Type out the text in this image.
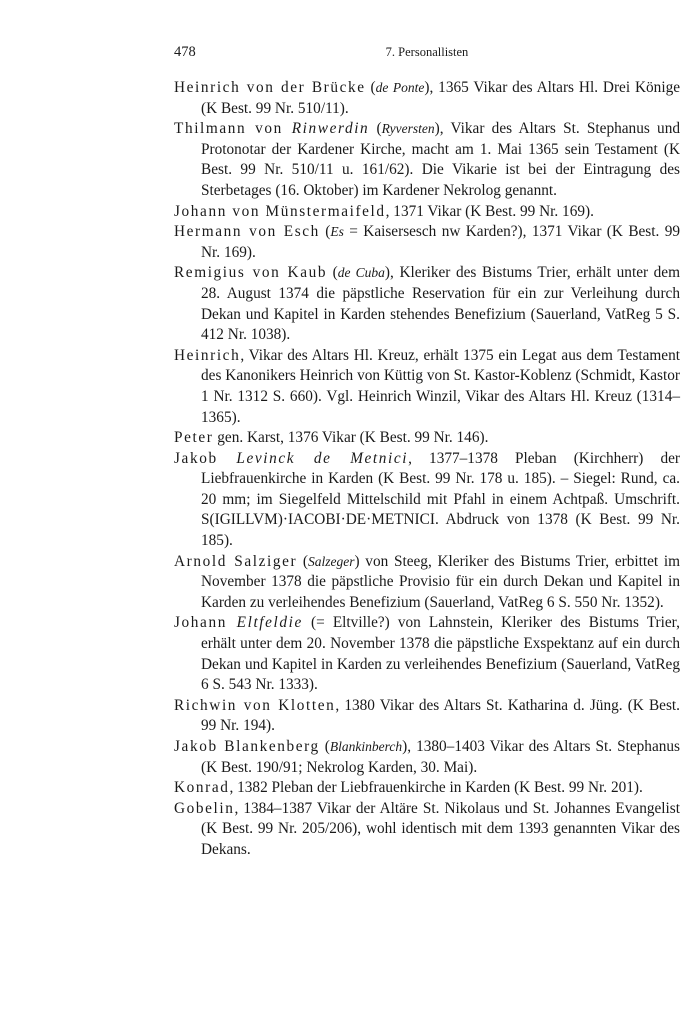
478	7. Personallisten

Heinrich von der Brücke (de Ponte), 1365 Vikar des Altars Hl. Drei Könige (K Best. 99 Nr. 510/11).

Thilmann von Rinwerdin (Ryversten), Vikar des Altars St. Stephanus und Protonotar der Kardener Kirche, macht am 1. Mai 1365 sein Testament (K Best. 99 Nr. 510/11 u. 161/62). Die Vikarie ist bei der Eintragung des Sterbetages (16. Oktober) im Kardener Nekrolog genannt.

Johann von Münstermaifeld, 1371 Vikar (K Best. 99 Nr. 169).

Hermann von Esch (Es = Kaisersesch nw Karden?), 1371 Vikar (K Best. 99 Nr. 169).

Remigius von Kaub (de Cuba), Kleriker des Bistums Trier, erhält unter dem 28. August 1374 die päpstliche Reservation für ein zur Verleihung durch Dekan und Kapitel in Karden stehendes Benefizium (Sauerland, VatReg 5 S. 412 Nr. 1038).

Heinrich, Vikar des Altars Hl. Kreuz, erhält 1375 ein Legat aus dem Testament des Kanonikers Heinrich von Küttig von St. Kastor-Koblenz (Schmidt, Kastor 1 Nr. 1312 S. 660). Vgl. Heinrich Winzil, Vikar des Altars Hl. Kreuz (1314–1365).

Peter gen. Karst, 1376 Vikar (K Best. 99 Nr. 146).

Jakob Levinck de Metnici, 1377–1378 Pleban (Kirchherr) der Liebfrauenkirche in Karden (K Best. 99 Nr. 178 u. 185). – Siegel: Rund, ca. 20 mm; im Siegelfeld Mittelschild mit Pfahl in einem Achtpaß. Umschrift. S(IGILLVM)·IACOBI·DE·METNICI. Abdruck von 1378 (K Best. 99 Nr. 185).

Arnold Salziger (Salzeger) von Steeg, Kleriker des Bistums Trier, erbittet im November 1378 die päpstliche Provisio für ein durch Dekan und Kapitel in Karden zu verleihendes Benefizium (Sauerland, VatReg 6 S. 550 Nr. 1352).

Johann Eltfeldie (= Eltville?) von Lahnstein, Kleriker des Bistums Trier, erhält unter dem 20. November 1378 die päpstliche Exspektanz auf ein durch Dekan und Kapitel in Karden zu verleihendes Benefizium (Sauerland, VatReg 6 S. 543 Nr. 1333).

Richwin von Klotten, 1380 Vikar des Altars St. Katharina d. Jüng. (K Best. 99 Nr. 194).

Jakob Blankenberg (Blankinberch), 1380–1403 Vikar des Altars St. Stephanus (K Best. 190/91; Nekrolog Karden, 30. Mai).

Konrad, 1382 Pleban der Liebfrauenkirche in Karden (K Best. 99 Nr. 201).

Gobelin, 1384–1387 Vikar der Altäre St. Nikolaus und St. Johannes Evangelist (K Best. 99 Nr. 205/206), wohl identisch mit dem 1393 genannten Vikar des Dekans.
